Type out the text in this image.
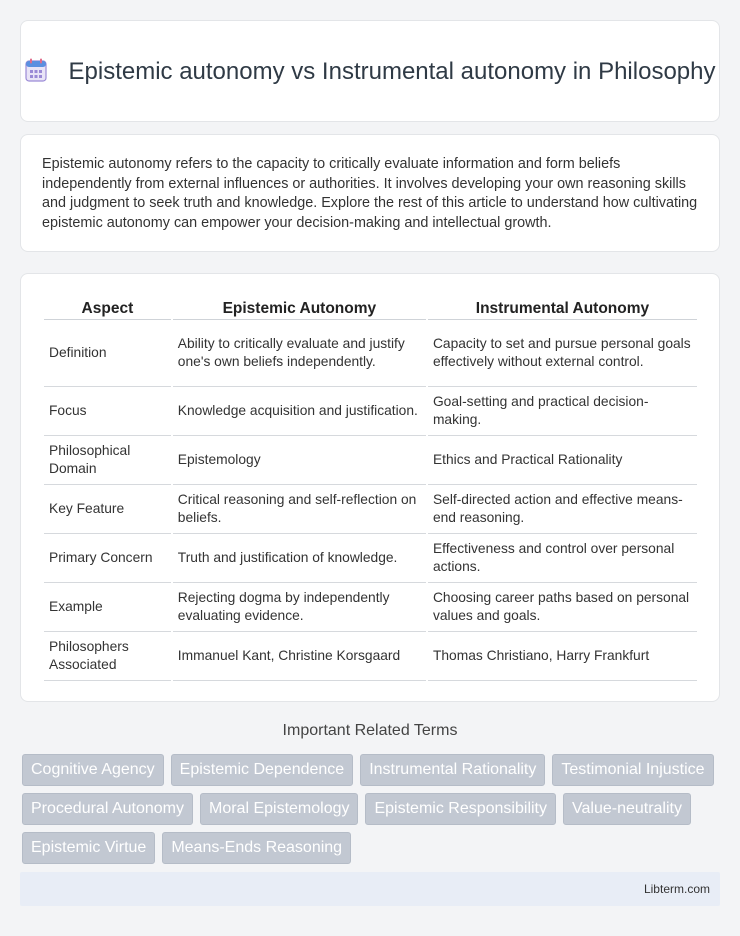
Epistemic autonomy vs Instrumental autonomy in Philosophy

Epistemic autonomy refers to the capacity to critically evaluate information and form beliefs independently from external influences or authorities. It involves developing your own reasoning skills and judgment to seek truth and knowledge. Explore the rest of this article to understand how cultivating epistemic autonomy can empower your decision-making and intellectual growth.

Aspect	Epistemic Autonomy	Instrumental Autonomy
Definition	Ability to critically evaluate and justify one's own beliefs independently.	Capacity to set and pursue personal goals effectively without external control.
Focus	Knowledge acquisition and justification.	Goal-setting and practical decision-making.
Philosophical Domain	Epistemology	Ethics and Practical Rationality
Key Feature	Critical reasoning and self-reflection on beliefs.	Self-directed action and effective means-end reasoning.
Primary Concern	Truth and justification of knowledge.	Effectiveness and control over personal actions.
Example	Rejecting dogma by independently evaluating evidence.	Choosing career paths based on personal values and goals.
Philosophers Associated	Immanuel Kant, Christine Korsgaard	Thomas Christiano, Harry Frankfurt
Important Related Terms
Cognitive Agency	Epistemic Dependence	Instrumental Rationality	Testimonial Injustice
Procedural Autonomy	Moral Epistemology	Epistemic Responsibility	Value-neutrality
Epistemic Virtue	Means-Ends Reasoning
Libterm.com
